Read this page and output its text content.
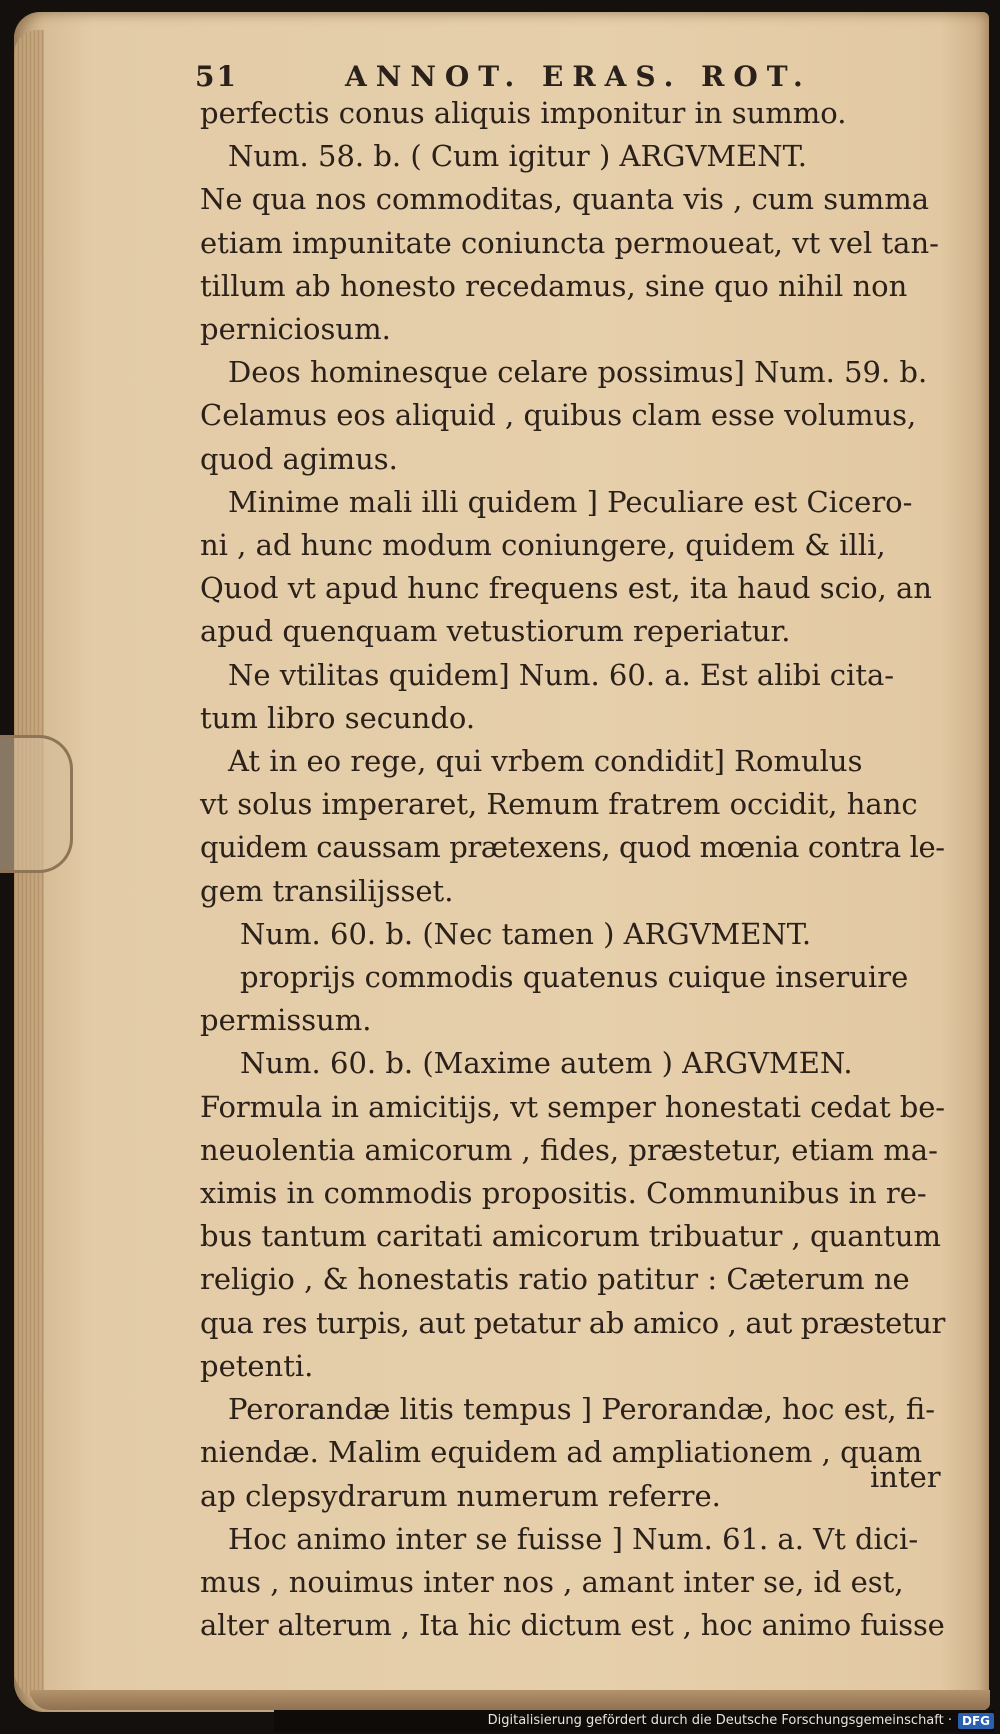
51	ANNOT. ERAS. ROT.
perfectis conus aliquis imponitur in summo.
Num. 58. b. ( Cum igitur ) ARGVMENT.
Ne qua nos commoditas, quanta vis , cum summa
etiam impunitate coniuncta permoueat, vt vel tan-
tillum ab honesto recedamus, sine quo nihil non
perniciosum.
Deos hominesque celare possimus] Num. 59. b.
Celamus eos aliquid , quibus clam esse volumus,
quod agimus.
Minime mali illi quidem ] Peculiare est Cicero-
ni , ad hunc modum coniungere, quidem & illi,
Quod vt apud hunc frequens est, ita haud scio, an
apud quenquam vetustiorum reperiatur.
Ne vtilitas quidem] Num. 60. a. Est alibi cita-
tum libro secundo.
At in eo rege, qui vrbem condidit] Romulus
vt solus imperaret, Remum fratrem occidit, hanc
quidem caussam prætexens, quod mœnia contra le-
gem transilijsset.
Num. 60. b. (Nec tamen ) ARGVMENT.
proprijs commodis quatenus cuique inseruire
permissum.
Num. 60. b. (Maxime autem ) ARGVMEN.
Formula in amicitijs, vt semper honestati cedat be-
neuolentia amicorum , fides, præstetur, etiam ma-
ximis in commodis propositis. Communibus in re-
bus tantum caritati amicorum tribuatur , quantum
religio , & honestatis ratio patitur : Cæterum ne
qua res turpis, aut petatur ab amico , aut præstetur
petenti.
Perorandæ litis tempus ] Perorandæ, hoc est, fi-
niendæ. Malim equidem ad ampliationem , quam
ap clepsydrarum numerum referre.
Hoc animo inter se fuisse ] Num. 61. a. Vt dici-
mus , nouimus inter nos , amant inter se, id est,
alter alterum , Ita hic dictum est , hoc animo fuisse
inter
Digitalisierung gefördert durch die Deutsche Forschungsgemeinschaft · DFG
